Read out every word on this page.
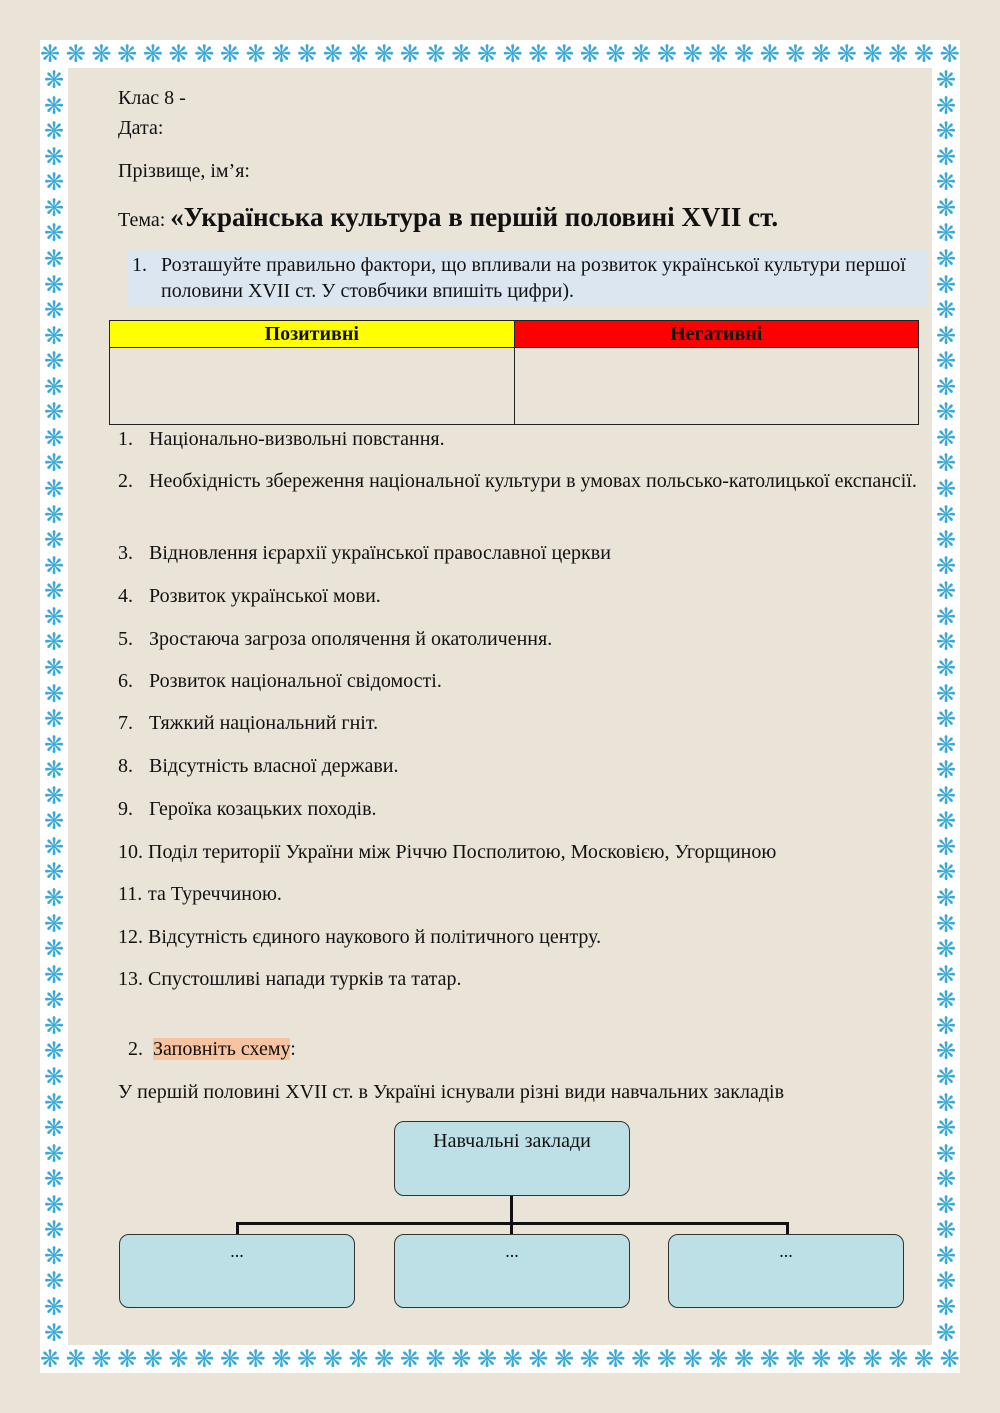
❋ ❋ ❋ ❋ ❋ ❋ ❋ ❋ ❋ ❋ ❋ ❋ ❋ ❋ ❋ ❋ ❋ ❋ ❋ ❋ ❋ ❋ ❋ ❋ ❋ ❋ ❋ ❋ ❋ ❋ ❋ ❋ ❋ ❋ ❋ ❋
❋ ❋ ❋ ❋ ❋ ❋ ❋ ❋ ❋ ❋ ❋ ❋ ❋ ❋ ❋ ❋ ❋ ❋ ❋ ❋ ❋ ❋ ❋ ❋ ❋ ❋ ❋ ❋ ❋ ❋ ❋ ❋ ❋ ❋ ❋ ❋
❋
❋
❋
❋
❋
❋
❋
❋
❋
❋
❋
❋
❋
❋
❋
❋
❋
❋
❋
❋
❋
❋
❋
❋
❋
❋
❋
❋
❋
❋
❋
❋
❋
❋
❋
❋
❋
❋
❋
❋
❋
❋
❋
❋
❋
❋
❋
❋
❋
❋
❋
❋
❋
❋
❋
❋
❋
❋
❋
❋
❋
❋
❋
❋
❋
❋
❋
❋
❋
❋
❋
❋
❋
❋
❋
❋
❋
❋
❋
❋
❋
❋
❋
❋
❋
❋
❋
❋
❋
❋
❋
❋
❋
❋
❋
❋
❋
❋
❋
❋
Клас 8 -
Дата:
Прізвище, ім’я:
Тема: «Українська культура в першій половині XVII ст.
1. Розташуйте правильно фактори, що впливали на розвиток української культури першої половини XVII ст. У стовбчики впишіть цифри).
Позитивні	Негативні

1. Національно-визвольні повстання.
2. Необхідність збереження національної культури в умовах польсько-католицької експансії.
3. Відновлення ієрархії української православної церкви
4. Розвиток української мови.
5. Зростаюча загроза ополячення й окатоличення.
6. Розвиток національної свідомості.
7. Тяжкий національний гніт.
8. Відсутність власної держави.
9. Героїка козацьких походів.
10. Поділ території України між Річчю Посполитою, Московією, Угорщиною
11. та Туреччиною.
12. Відсутність єдиного наукового й політичного центру.
13. Спустошливі напади турків та татар.
2. Заповніть схему:
У першій половині XVII ст. в Україні існували різні види навчальних закладів
Навчальні заклади
...	...	...
